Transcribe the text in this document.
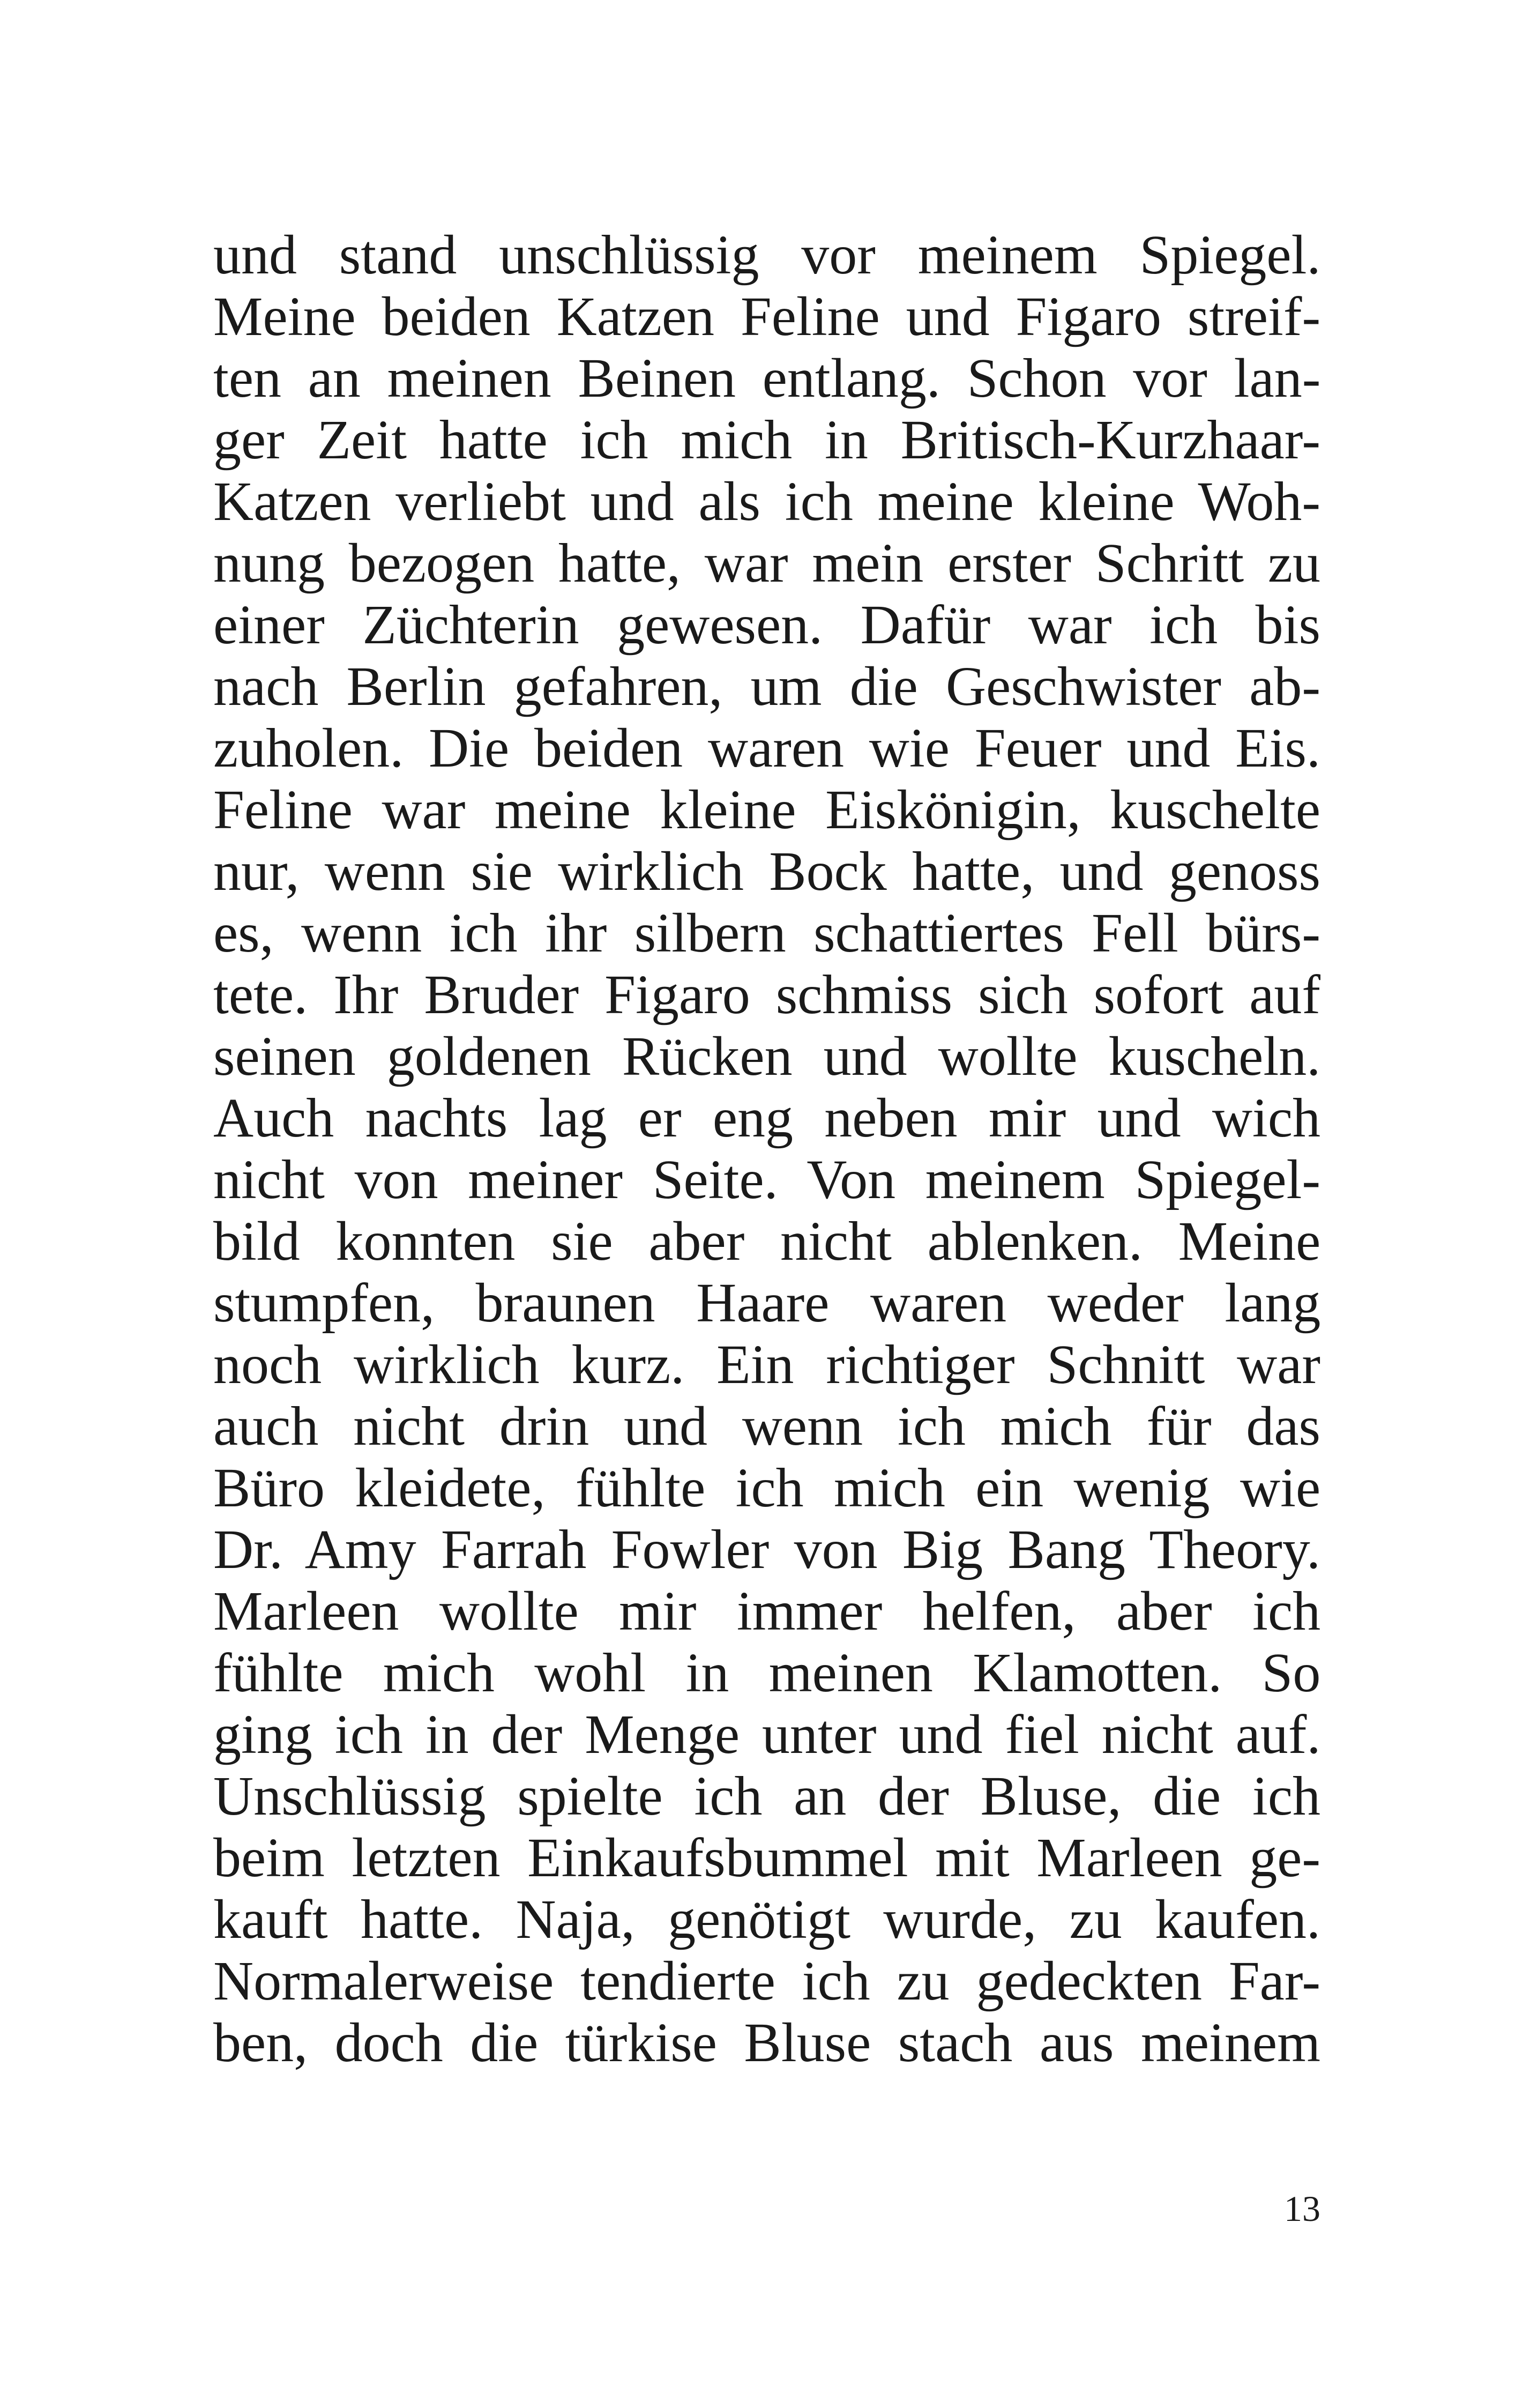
und stand unschlüssig vor meinem Spiegel.
Meine beiden Katzen Feline und Figaro streif-
ten an meinen Beinen entlang. Schon vor lan-
ger Zeit hatte ich mich in Britisch-Kurzhaar-
Katzen verliebt und als ich meine kleine Woh-
nung bezogen hatte, war mein erster Schritt zu
einer Züchterin gewesen. Dafür war ich bis
nach Berlin gefahren, um die Geschwister ab-
zuholen. Die beiden waren wie Feuer und Eis.
Feline war meine kleine Eiskönigin, kuschelte
nur, wenn sie wirklich Bock hatte, und genoss
es, wenn ich ihr silbern schattiertes Fell bürs-
tete. Ihr Bruder Figaro schmiss sich sofort auf
seinen goldenen Rücken und wollte kuscheln.
Auch nachts lag er eng neben mir und wich
nicht von meiner Seite. Von meinem Spiegel-
bild konnten sie aber nicht ablenken. Meine
stumpfen, braunen Haare waren weder lang
noch wirklich kurz. Ein richtiger Schnitt war
auch nicht drin und wenn ich mich für das
Büro kleidete, fühlte ich mich ein wenig wie
Dr. Amy Farrah Fowler von Big Bang Theory.
Marleen wollte mir immer helfen, aber ich
fühlte mich wohl in meinen Klamotten. So
ging ich in der Menge unter und fiel nicht auf.
Unschlüssig spielte ich an der Bluse, die ich
beim letzten Einkaufsbummel mit Marleen ge-
kauft hatte. Naja, genötigt wurde, zu kaufen.
Normalerweise tendierte ich zu gedeckten Far-
ben, doch die türkise Bluse stach aus meinem
13
